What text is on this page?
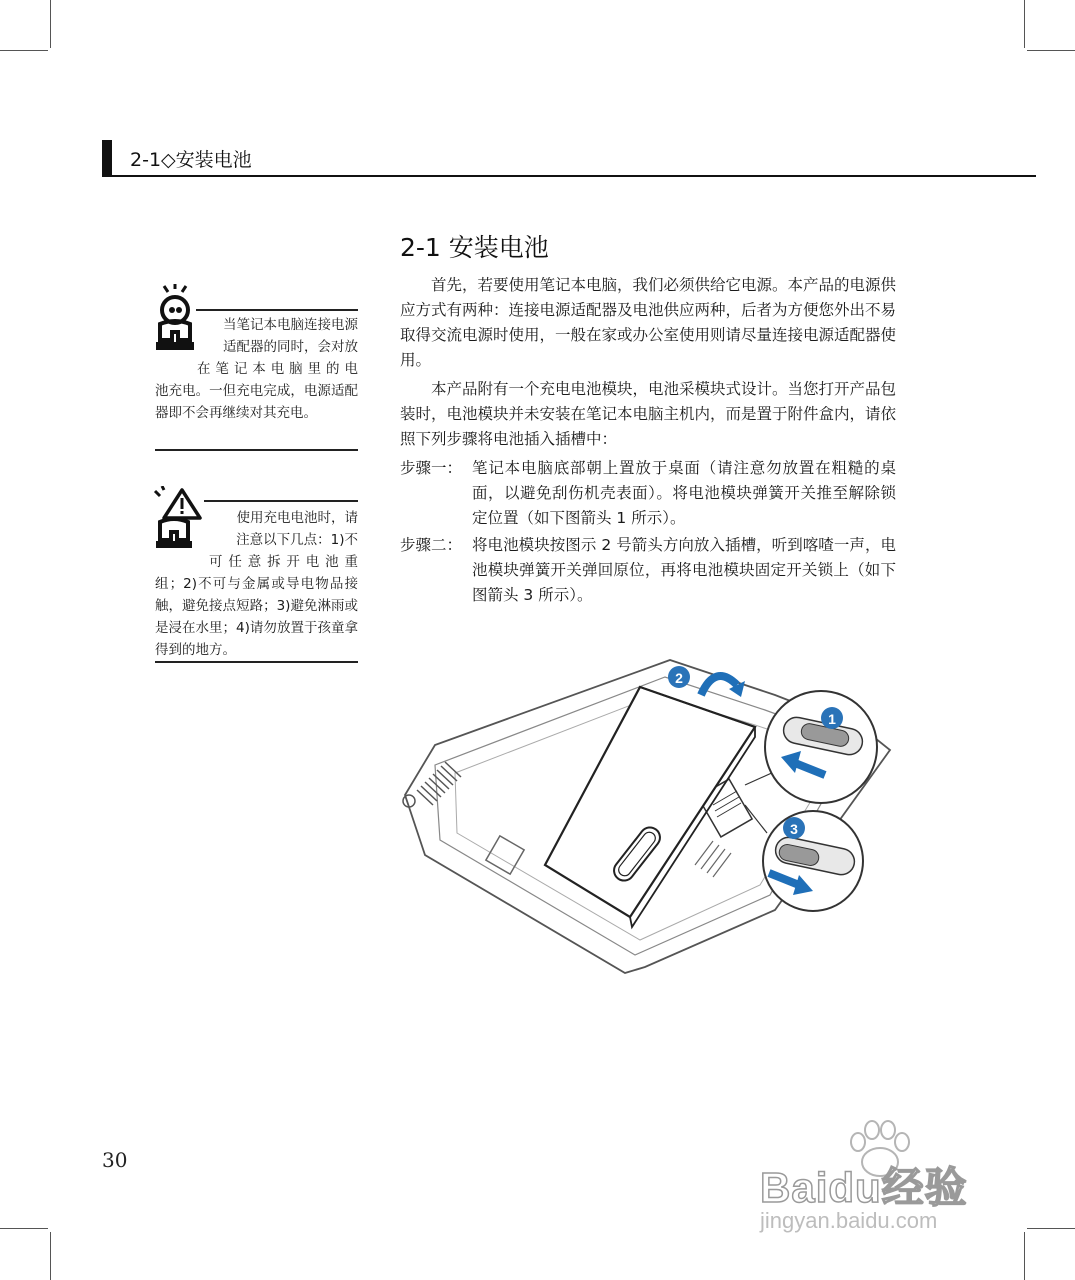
2-1◇安装电池
2-1 安装电池

首先，若要使用笔记本电脑，我们必须供给它电源。本产品的电源供应方式有两种：连接电源适配器及电池供应两种，后者为方便您外出不易取得交流电源时使用，一般在家或办公室使用则请尽量连接电源适配器使用。

本产品附有一个充电电池模块，电池采模块式设计。当您打开产品包装时，电池模块并未安装在笔记本电脑主机内，而是置于附件盒内，请依照下列步骤将电池插入插槽中：

步骤一： 笔记本电脑底部朝上置放于桌面（请注意勿放置在粗糙的桌面，以避免刮伤机壳表面）。将电池模块弹簧开关推至解除锁定位置（如下图箭头 1 所示）。
步骤二： 将电池模块按图示 2 号箭头方向放入插槽，听到喀喳一声，电池模块弹簧开关弹回原位，再将电池模块固定开关锁上（如下图箭头 3 所示）。
当笔记本电脑连接电源
适配器的同时，会对放
在笔记本电脑里的电
池充电。一但充电完成，电源适配器即不会再继续对其充电。
使用充电电池时，请
注意以下几点：1)不
可任意拆开电池重
组；2)不可与金属或导电物品接触，避免接点短路；3)避免淋雨或是浸在水里；4)请勿放置于孩童拿得到的地方。
2
1
3
30
Baidu经验
jingyan.baidu.com
